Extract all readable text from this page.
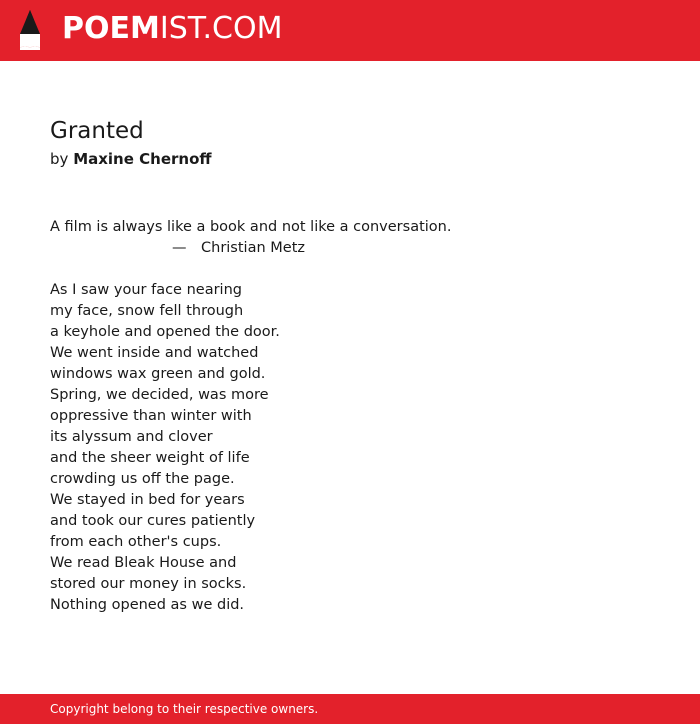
POEMIST.COM
Granted
by Maxine Chernoff
A film is always like a book and not like a conversation.
— Christian Metz
As I saw your face nearing
my face, snow fell through
a keyhole and opened the door.
We went inside and watched
windows wax green and gold.
Spring, we decided, was more
oppressive than winter with
its alyssum and clover
and the sheer weight of life
crowding us off the page.
We stayed in bed for years
and took our cures patiently
from each other's cups.
We read Bleak House and
stored our money in socks.
Nothing opened as we did.
Copyright belong to their respective owners.
